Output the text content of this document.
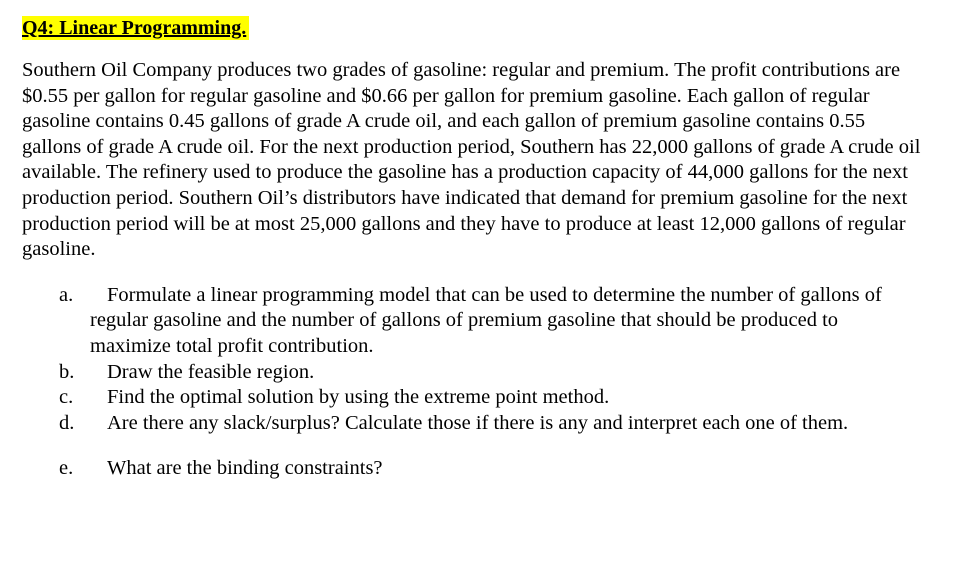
Q4: Linear Programming.

Southern Oil Company produces two grades of gasoline: regular and premium. The profit contributions are $0.55 per gallon for regular gasoline and $0.66 per gallon for premium gasoline. Each gallon of regular gasoline contains 0.45 gallons of grade A crude oil, and each gallon of premium gasoline contains 0.55 gallons of grade A crude oil. For the next production period, Southern has 22,000 gallons of grade A crude oil available. The refinery used to produce the gasoline has a production capacity of 44,000 gallons for the next production period. Southern Oil’s distributors have indicated that demand for premium gasoline for the next production period will be at most 25,000 gallons and they have to produce at least 12,000 gallons of regular gasoline.

a.	Formulate a linear programming model that can be used to determine the number of gallons of regular gasoline and the number of gallons of premium gasoline that should be produced to maximize total profit contribution.
b.	Draw the feasible region.
c.	Find the optimal solution by using the extreme point method.
d.	Are there any slack/surplus? Calculate those if there is any and interpret each one of them.
e.	What are the binding constraints?
